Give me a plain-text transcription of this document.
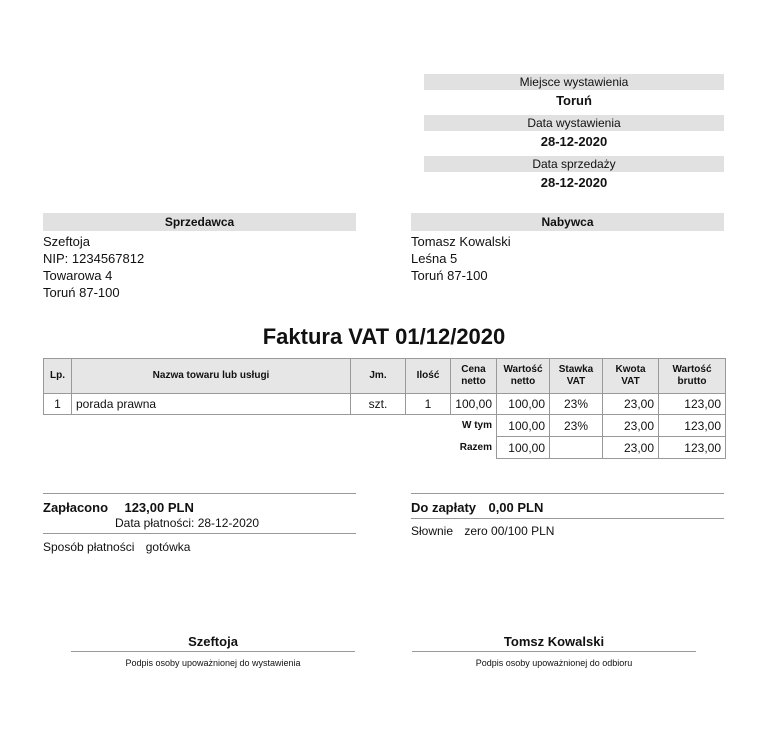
Miejsce wystawienia
Toruń
Data wystawienia
28-12-2020
Data sprzedaży
28-12-2020
Sprzedawca
Szeftoja
NIP: 1234567812
Towarowa 4
Toruń 87-100
Nabywca
Tomasz Kowalski
Leśna 5
Toruń 87-100
Faktura VAT 01/12/2020
Lp.	Nazwa towaru lub usługi	Jm.	Ilość	Cena netto	Wartość netto	Stawka VAT	Kwota VAT	Wartość brutto
1	porada prawna	szt.	1	100,00	100,00	23%	23,00	123,00
			W tym		100,00	23%	23,00	123,00
			Razem		100,00		23,00	123,00
Zapłacono 123,00 PLN
Data płatności: 28-12-2020
Sposób płatności gotówka
Do zapłaty 0,00 PLN
Słownie zero 00/100 PLN
Szeftoja
Podpis osoby upoważnionej do wystawienia
Tomsz Kowalski
Podpis osoby upoważnionej do odbioru
